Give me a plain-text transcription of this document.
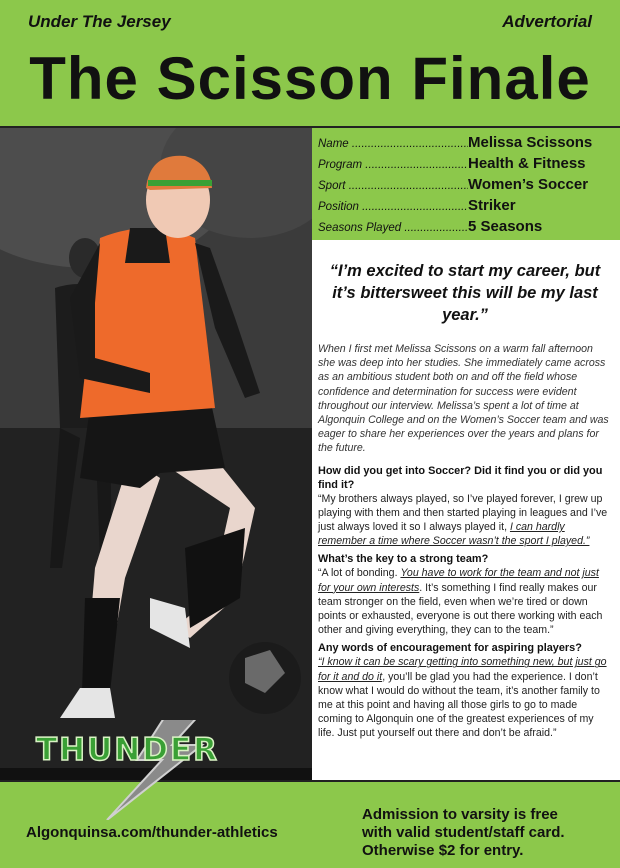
Under The Jersey	Advertorial
The Scisson Finale
Name .....	Melissa Scissons
Program .....	Health & Fitness
Sport .....	Women’s Soccer
Position .....	Striker
Seasons Played .....	5 Seasons
“I’m excited to start my career, but it’s bittersweet this will be my last year.”

When I first met Melissa Scissons on a warm fall afternoon she was deep into her studies. She immediately came across as an ambitious student both on and off the field whose confidence and determination for success were evident throughout our interview. Melissa’s spent a lot of time at Algonquin College and on the Women’s Soccer team and was eager to share her experiences over the years and plans for the future.

How did you get into Soccer? Did it find you or did you find it?

“My brothers always played, so I’ve played forever, I grew up playing with them and then started playing in leagues and I’ve just always loved it so I always played it, I can hardly remember a time where Soccer wasn’t the sport I played.”

What’s the key to a strong team?

“A lot of bonding. You have to work for the team and not just for your own interests. It’s something I find really makes our team stronger on the field, even when we’re tired or down points or exhausted, everyone is out there working with each other and giving everything, they can to the team.”

Any words of encouragement for aspiring players?

“I know it can be scary getting into something new, but just go for it and do it, you’ll be glad you had the experience. I don’t know what I would do without the team, it’s another family to me at this point and having all those girls to go to made coming to Algonquin one of the greatest experiences of my life. Just put yourself out there and don’t be afraid.”

Algonquinsa.com/thunder-athletics
Admission to varsity is free
with valid student/staff card.
Otherwise $2 for entry.
THUNDER
